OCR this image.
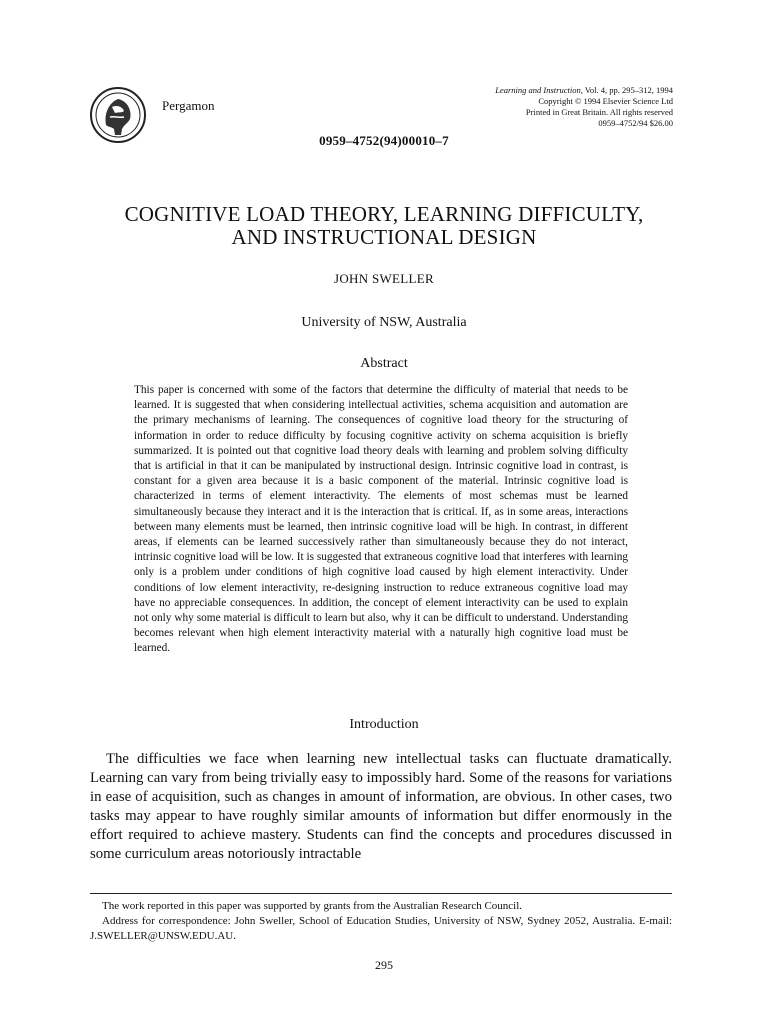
Pergamon
Learning and Instruction, Vol. 4, pp. 295–312, 1994
Copyright © 1994 Elsevier Science Ltd
Printed in Great Britain. All rights reserved
0959–4752/94 $26.00
0959–4752(94)00010–7
COGNITIVE LOAD THEORY, LEARNING DIFFICULTY,
AND INSTRUCTIONAL DESIGN
JOHN SWELLER
University of NSW, Australia
Abstract
This paper is concerned with some of the factors that determine the difficulty of material that needs to be learned. It is suggested that when considering intellectual activities, schema acquisition and automation are the primary mechanisms of learning. The consequences of cognitive load theory for the structuring of information in order to reduce difficulty by focusing cognitive activity on schema acquisition is briefly summarized. It is pointed out that cognitive load theory deals with learning and problem solving difficulty that is artificial in that it can be manipulated by instructional design. Intrinsic cognitive load in contrast, is constant for a given area because it is a basic component of the material. Intrinsic cognitive load is characterized in terms of element interactivity. The elements of most schemas must be learned simultaneously because they interact and it is the interaction that is critical. If, as in some areas, interactions between many elements must be learned, then intrinsic cognitive load will be high. In contrast, in different areas, if elements can be learned successively rather than simultaneously because they do not interact, intrinsic cognitive load will be low. It is suggested that extraneous cognitive load that interferes with learning only is a problem under conditions of high cognitive load caused by high element interactivity. Under conditions of low element interactivity, re-designing instruction to reduce extraneous cognitive load may have no appreciable consequences. In addition, the concept of element interactivity can be used to explain not only why some material is difficult to learn but also, why it can be difficult to understand. Understanding becomes relevant when high element interactivity material with a naturally high cognitive load must be learned.
Introduction

The difficulties we face when learning new intellectual tasks can fluctuate dramatically. Learning can vary from being trivially easy to impossibly hard. Some of the reasons for variations in ease of acquisition, such as changes in amount of information, are obvious. In other cases, two tasks may appear to have roughly similar amounts of information but differ enormously in the effort required to achieve mastery. Students can find the concepts and procedures discussed in some curriculum areas notoriously intractable

The work reported in this paper was supported by grants from the Australian Research Council.

Address for correspondence: John Sweller, School of Education Studies, University of NSW, Sydney 2052, Australia. E-mail: J.SWELLER@UNSW.EDU.AU.

295
